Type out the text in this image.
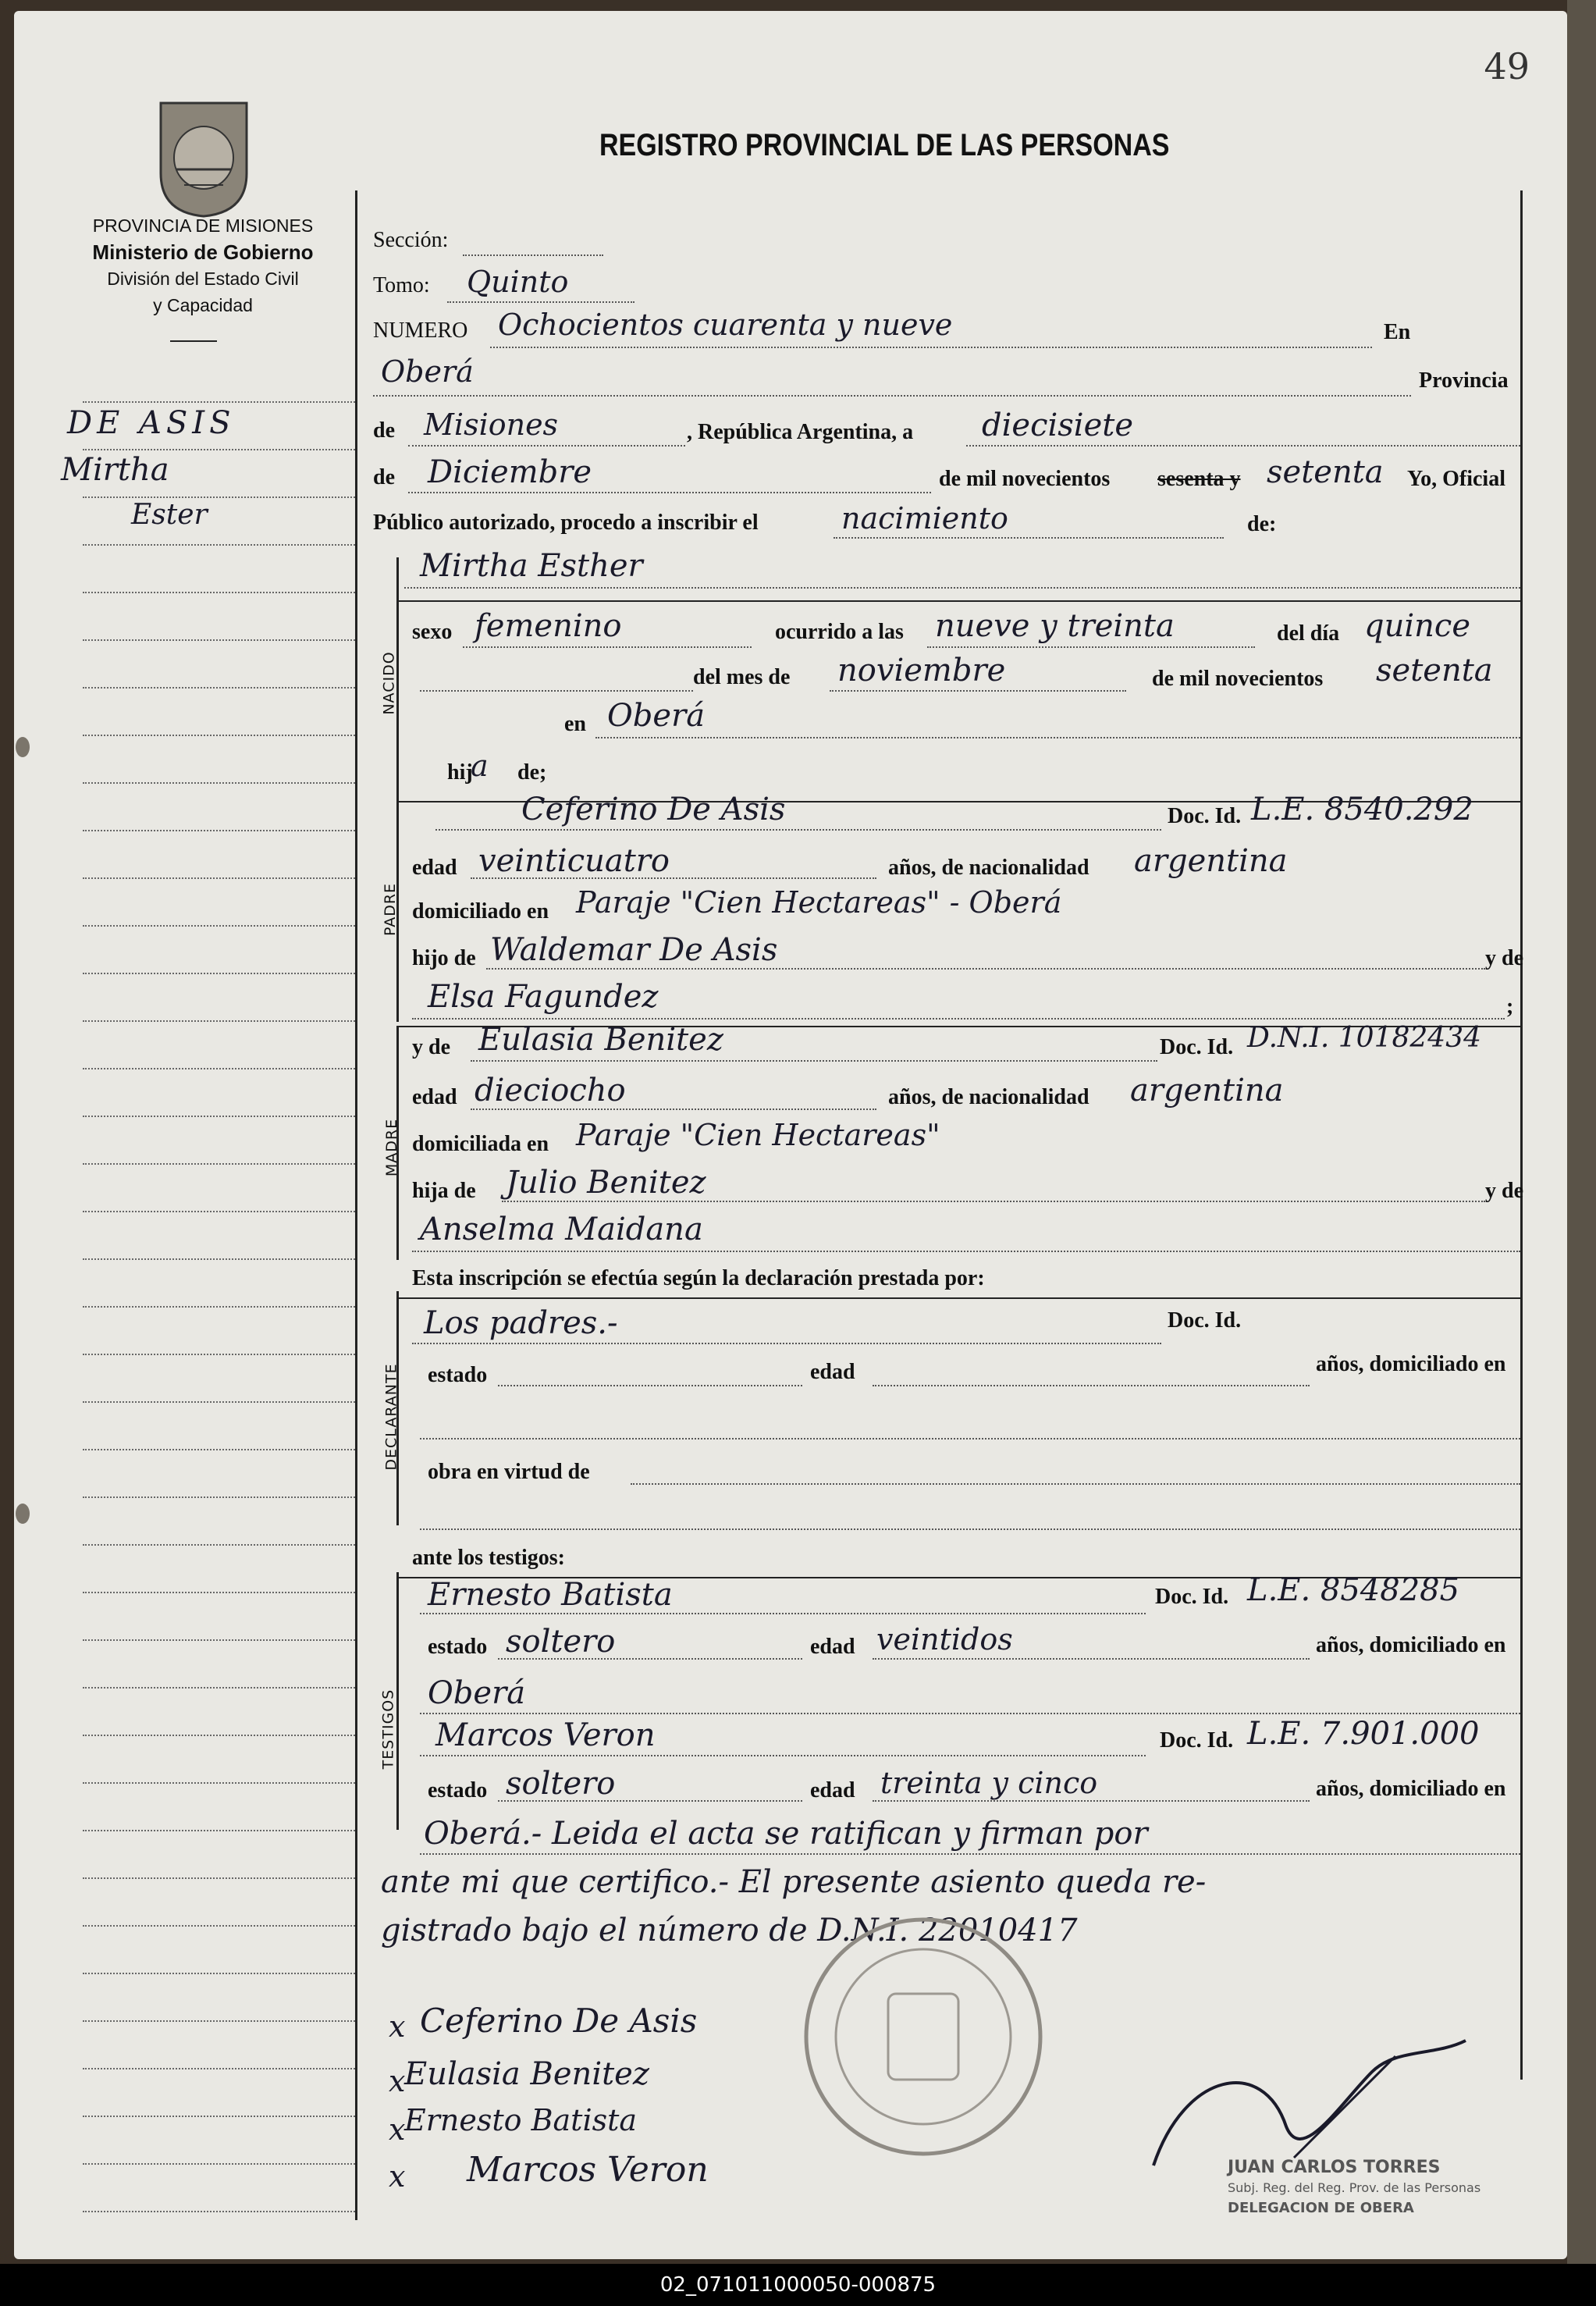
49
PROVINCIA DE MISIONES
Ministerio de Gobierno
División del Estado Civil
y Capacidad
REGISTRO PROVINCIAL DE LAS PERSONAS
DE ASIS
Mirtha
Ester
NACIDO
PADRE
MADRE
DECLARANTE
TESTIGOS
Sección:
Tomo: Quinto
NUMERO Ochocientos cuarenta y nueve	En
Oberá	Provincia
de Misiones	, República Argentina, a diecisiete
de Diciembre	de mil novecientos sesenta y setenta Yo, Oficial
Público autorizado, procedo a inscribir el	nacimiento	de:
Mirtha Esther
sexo femenino	ocurrido a las nueve y treinta	del día quince
del mes de noviembre	de mil novecientos setenta
en Oberá
hij
a de;
Ceferino De Asis	Doc. Id. L.E. 8540.292
edad veinticuatro	años, de nacionalidad argentina
domiciliado en Paraje "Cien Hectareas" - Oberá
hijo de Waldemar De Asis	y de
Elsa Fagundez	;
y de Eulasia Benitez	Doc. Id. D.N.I. 10182434
edad dieciocho	años, de nacionalidad argentina
domiciliada en Paraje "Cien Hectareas"
hija de Julio Benitez	y de
Anselma Maidana
Esta inscripción se efectúa según la declaración prestada por:
Los padres.-	Doc. Id.
estado	edad	años, domiciliado en
obra en virtud de
ante los testigos:
Ernesto Batista	Doc. Id. L.E. 8548285
estado soltero	edad veintidos	años, domiciliado en
Oberá
Marcos Veron	Doc. Id. L.E. 7.901.000
estado soltero	edad treinta y cinco	años, domiciliado en
Oberá.- Leida el acta se ratifican y firman por
ante mi que certifico.- El presente asiento queda re-
gistrado bajo el número de D.N.I. 22010417
x Ceferino De Asis
x
Eulasia Benitez
x
Ernesto Batista
x Marcos Veron	JUAN CARLOS TORRES
Subj. Reg. del Reg. Prov. de las Personas
DELEGACION DE OBERA
02_071011000050-000875
